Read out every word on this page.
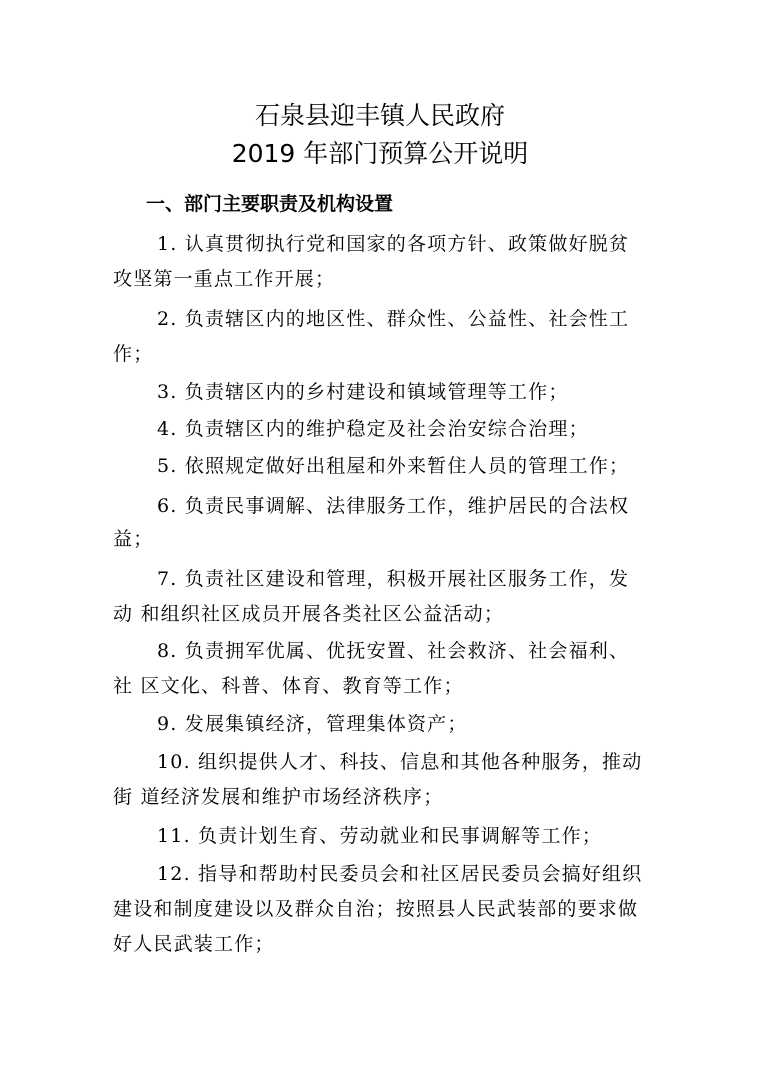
石泉县迎丰镇人民政府
2019 年部门预算公开说明
一、部门主要职责及机构设置
1. 认真贯彻执行党和国家的各项方针、政策做好脱贫
攻坚第一重点工作开展；
2. 负责辖区内的地区性、群众性、公益性、社会性工
作；
3. 负责辖区内的乡村建设和镇域管理等工作；
4. 负责辖区内的维护稳定及社会治安综合治理；
5. 依照规定做好出租屋和外来暂住人员的管理工作；
6. 负责民事调解、法律服务工作，维护居民的合法权
益；
7. 负责社区建设和管理，积极开展社区服务工作，发
动 和组织社区成员开展各类社区公益活动；
8. 负责拥军优属、优抚安置、社会救济、社会福利、
社 区文化、科普、体育、教育等工作；
9. 发展集镇经济，管理集体资产；
10. 组织提供人才、科技、信息和其他各种服务，推动
街 道经济发展和维护市场经济秩序；
11. 负责计划生育、劳动就业和民事调解等工作；
12. 指导和帮助村民委员会和社区居民委员会搞好组织
建设和制度建设以及群众自治；按照县人民武装部的要求做
好人民武装工作；
